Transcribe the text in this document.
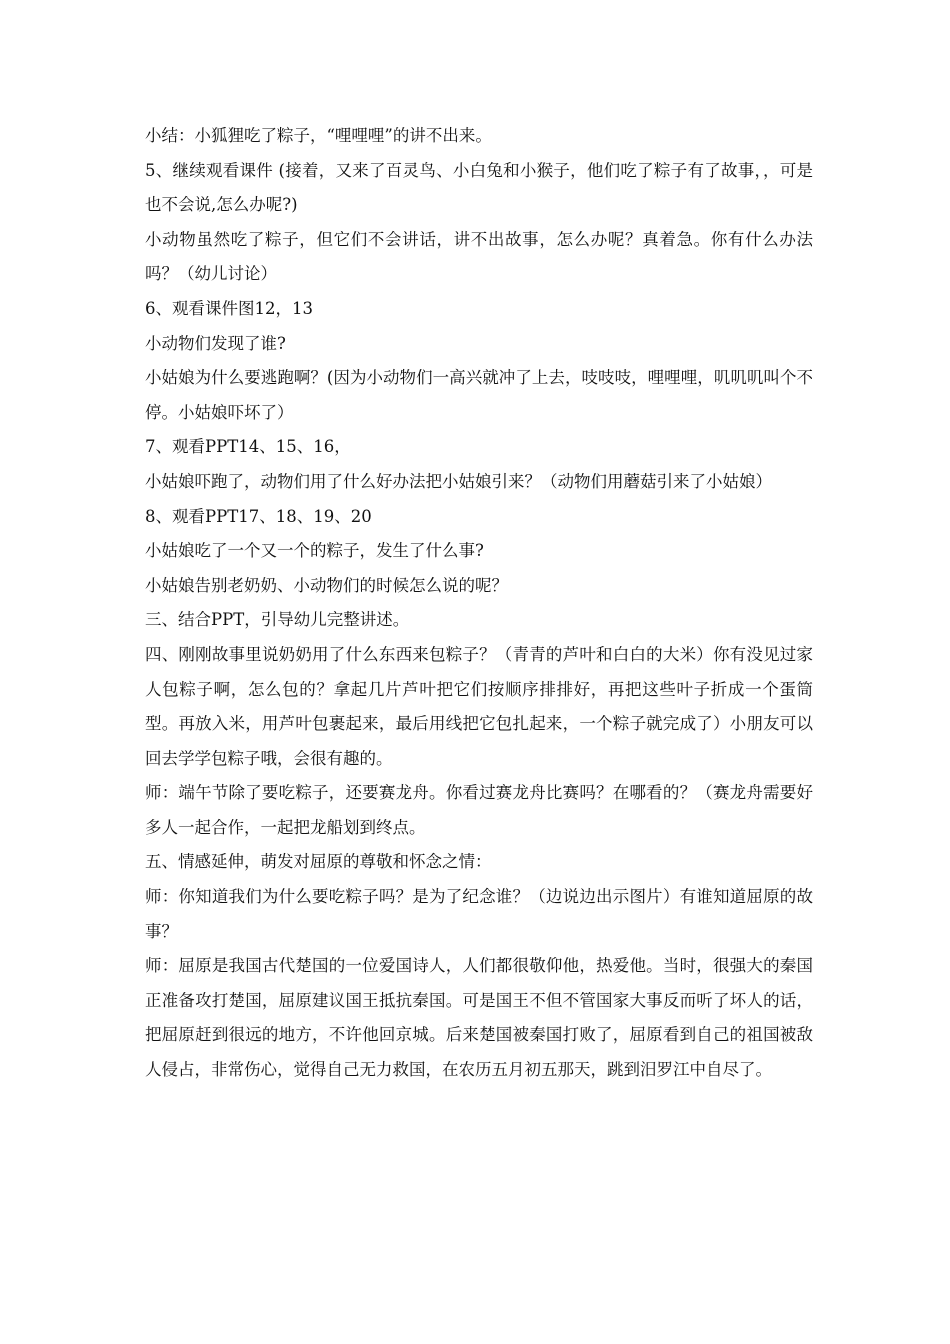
小结：小狐狸吃了粽子，“哩哩哩”的讲不出来。

5、继续观看课件 (接着，又来了百灵鸟、小白兔和小猴子，他们吃了粽子有了故事，，可是也不会说,怎么办呢?)

小动物虽然吃了粽子，但它们不会讲话，讲不出故事，怎么办呢？真着急。你有什么办法吗？（幼儿讨论）

6、观看课件图12，13

小动物们发现了谁?

小姑娘为什么要逃跑啊？(因为小动物们一高兴就冲了上去，吱吱吱，哩哩哩，叽叽叽叫个不停。小姑娘吓坏了）

7、观看PPT14、15、16，

小姑娘吓跑了，动物们用了什么好办法把小姑娘引来？（动物们用蘑菇引来了小姑娘）

8、观看PPT17、18、19、20

小姑娘吃了一个又一个的粽子，发生了什么事?

小姑娘告别老奶奶、小动物们的时候怎么说的呢？

三、结合PPT，引导幼儿完整讲述。

四、刚刚故事里说奶奶用了什么东西来包粽子？（青青的芦叶和白白的大米）你有没见过家人包粽子啊，怎么包的？拿起几片芦叶把它们按顺序排排好，再把这些叶子折成一个蛋筒型。再放入米，用芦叶包裹起来，最后用线把它包扎起来，一个粽子就完成了）小朋友可以回去学学包粽子哦，会很有趣的。

师：端午节除了要吃粽子，还要赛龙舟。你看过赛龙舟比赛吗？在哪看的？（赛龙舟需要好多人一起合作，一起把龙船划到终点。

五、情感延伸，萌发对屈原的尊敬和怀念之情：

师：你知道我们为什么要吃粽子吗？是为了纪念谁？（边说边出示图片）有谁知道屈原的故事？

师：屈原是我国古代楚国的一位爱国诗人，人们都很敬仰他，热爱他。当时，很强大的秦国正准备攻打楚国，屈原建议国王抵抗秦国。可是国王不但不管国家大事反而听了坏人的话，把屈原赶到很远的地方，不许他回京城。后来楚国被秦国打败了，屈原看到自己的祖国被敌人侵占，非常伤心，觉得自己无力救国，在农历五月初五那天，跳到汨罗江中自尽了。
